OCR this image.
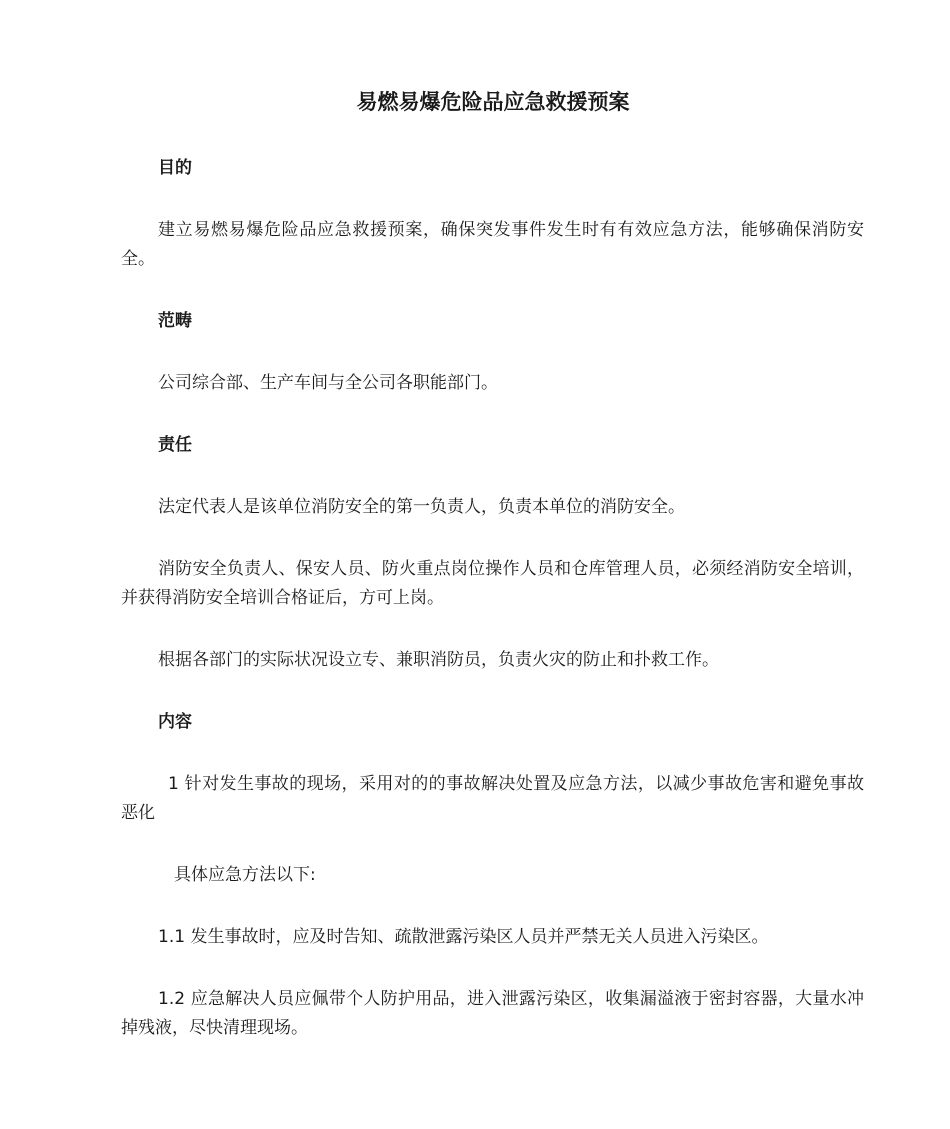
易燃易爆危险品应急救援预案

目的

建立易燃易爆危险品应急救援预案，确保突发事件发生时有有效应急方法，能够确保消防安全。

范畴

公司综合部、生产车间与全公司各职能部门。

责任

法定代表人是该单位消防安全的第一负责人，负责本单位的消防安全。

消防安全负责人、保安人员、防火重点岗位操作人员和仓库管理人员，必须经消防安全培训，并获得消防安全培训合格证后，方可上岗。

根据各部门的实际状况设立专、兼职消防员，负责火灾的防止和扑救工作。

内容

1 针对发生事故的现场，采用对的的事故解决处置及应急方法，以减少事故危害和避免事故恶化

具体应急方法以下:

1.1 发生事故时，应及时告知、疏散泄露污染区人员并严禁无关人员进入污染区。

1.2 应急解决人员应佩带个人防护用品，进入泄露污染区，收集漏溢液于密封容器，大量水冲掉残液，尽快清理现场。
